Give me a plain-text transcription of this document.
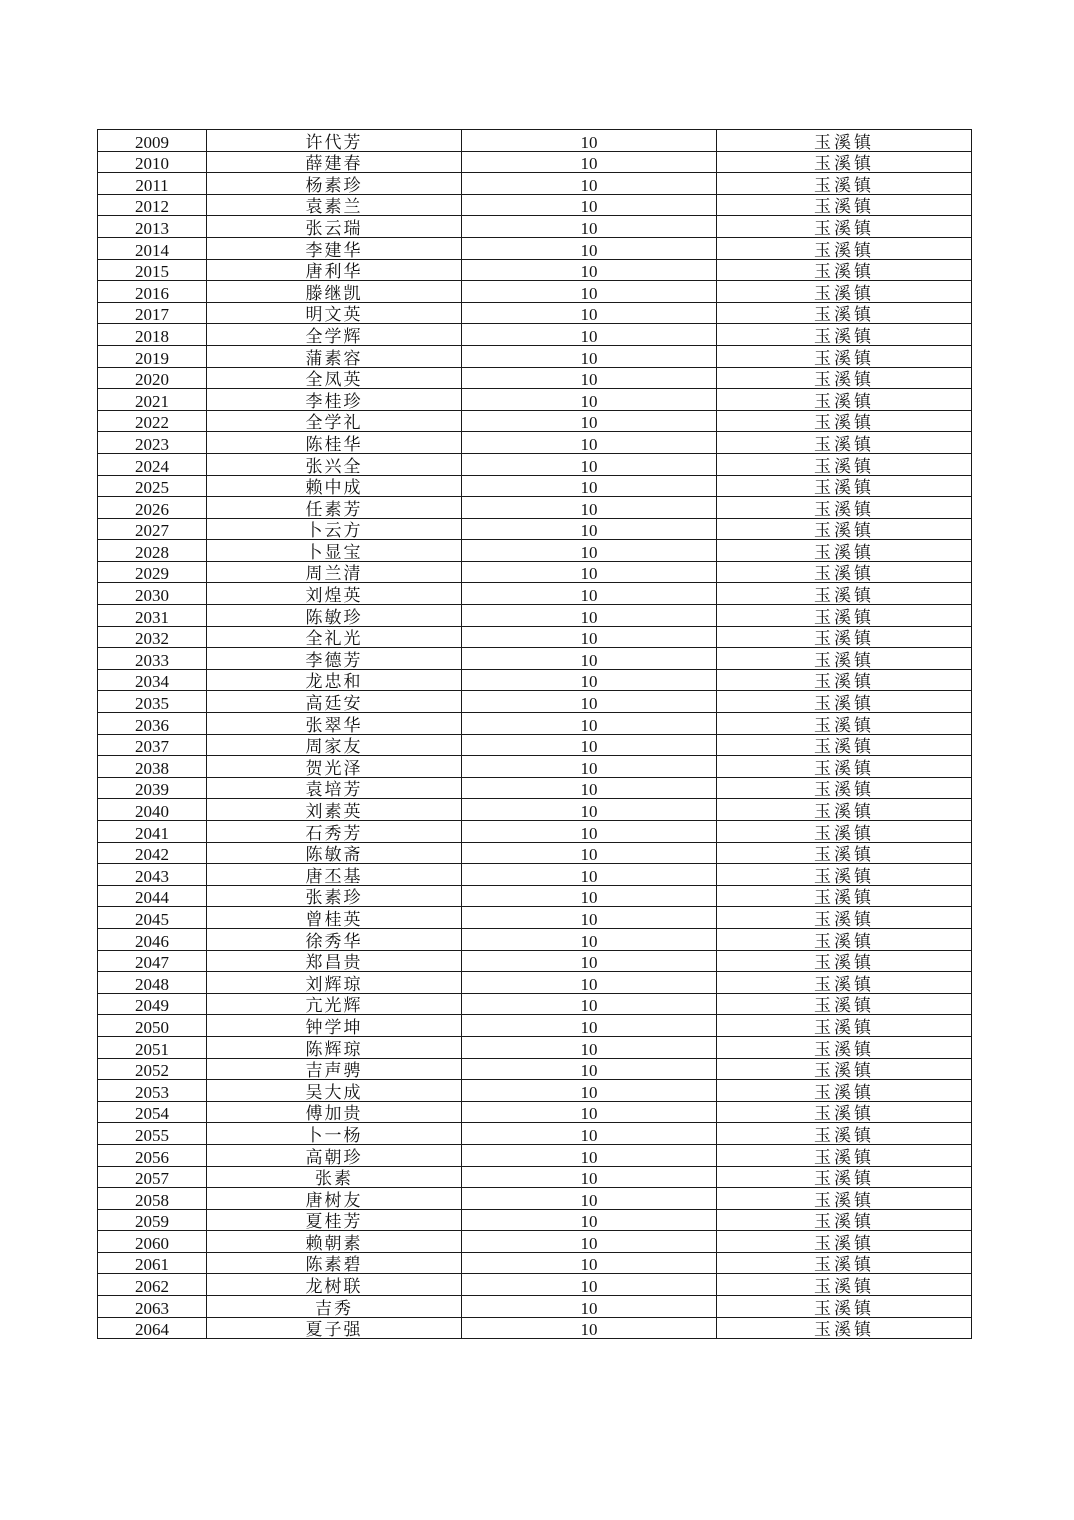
2009	许代芳	10	玉溪镇
2010	薛建春	10	玉溪镇
2011	杨素珍	10	玉溪镇
2012	袁素兰	10	玉溪镇
2013	张云瑞	10	玉溪镇
2014	李建华	10	玉溪镇
2015	唐利华	10	玉溪镇
2016	滕继凯	10	玉溪镇
2017	明文英	10	玉溪镇
2018	全学辉	10	玉溪镇
2019	蒲素容	10	玉溪镇
2020	全凤英	10	玉溪镇
2021	李桂珍	10	玉溪镇
2022	全学礼	10	玉溪镇
2023	陈桂华	10	玉溪镇
2024	张兴全	10	玉溪镇
2025	赖中成	10	玉溪镇
2026	任素芳	10	玉溪镇
2027	卜云方	10	玉溪镇
2028	卜显宝	10	玉溪镇
2029	周兰清	10	玉溪镇
2030	刘煌英	10	玉溪镇
2031	陈敏珍	10	玉溪镇
2032	全礼光	10	玉溪镇
2033	李德芳	10	玉溪镇
2034	龙忠和	10	玉溪镇
2035	高廷安	10	玉溪镇
2036	张翠华	10	玉溪镇
2037	周家友	10	玉溪镇
2038	贺光泽	10	玉溪镇
2039	袁培芳	10	玉溪镇
2040	刘素英	10	玉溪镇
2041	石秀芳	10	玉溪镇
2042	陈敏斋	10	玉溪镇
2043	唐丕基	10	玉溪镇
2044	张素珍	10	玉溪镇
2045	曾桂英	10	玉溪镇
2046	徐秀华	10	玉溪镇
2047	郑昌贵	10	玉溪镇
2048	刘辉琼	10	玉溪镇
2049	亢光辉	10	玉溪镇
2050	钟学坤	10	玉溪镇
2051	陈辉琼	10	玉溪镇
2052	吉声骋	10	玉溪镇
2053	吴大成	10	玉溪镇
2054	傅加贵	10	玉溪镇
2055	卜一杨	10	玉溪镇
2056	高朝珍	10	玉溪镇
2057	张素	10	玉溪镇
2058	唐树友	10	玉溪镇
2059	夏桂芳	10	玉溪镇
2060	赖朝素	10	玉溪镇
2061	陈素碧	10	玉溪镇
2062	龙树联	10	玉溪镇
2063	吉秀	10	玉溪镇
2064	夏子强	10	玉溪镇
